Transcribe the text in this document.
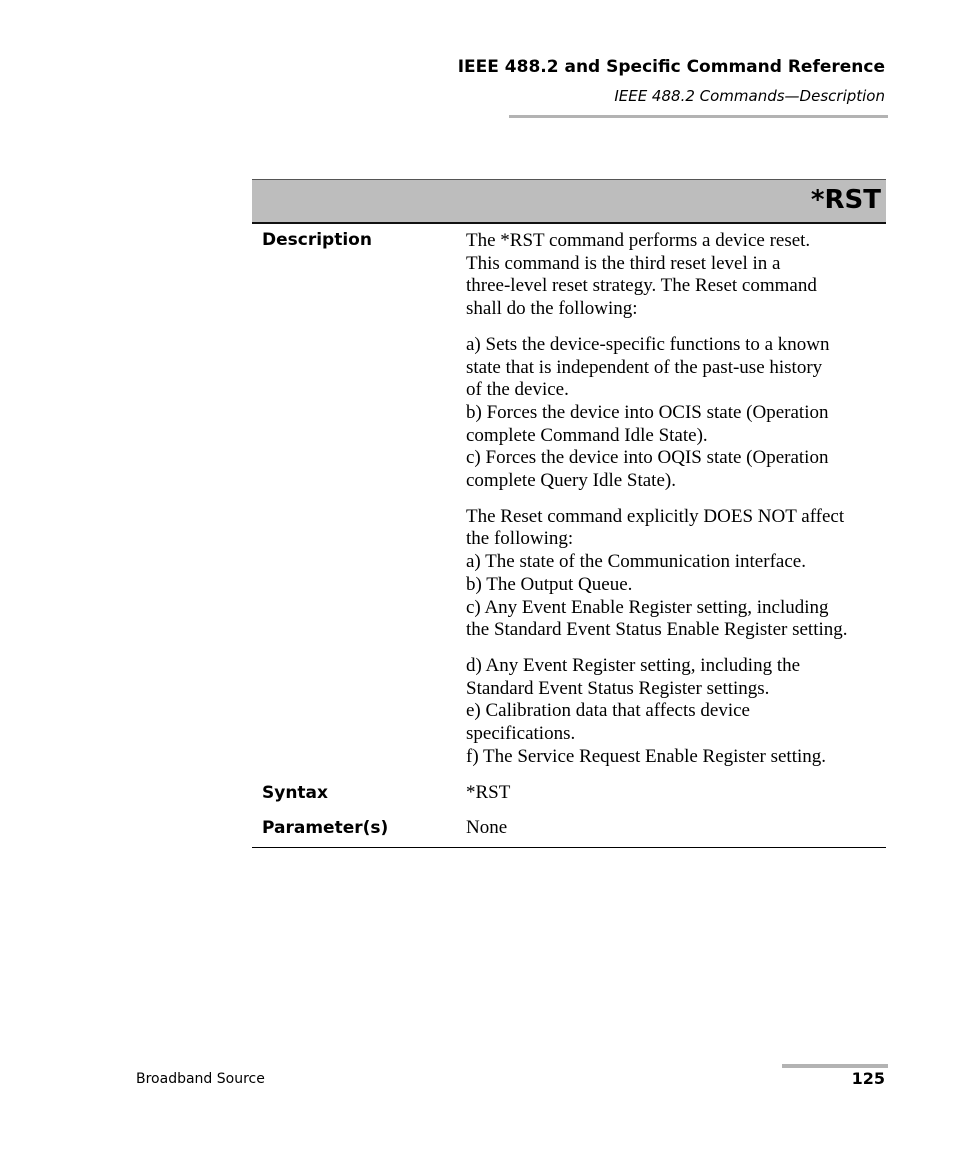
IEEE 488.2 and Specific Command Reference
IEEE 488.2 Commands—Description
*RST
Description	The *RST command performs a device reset.
This command is the third reset level in a
three-level reset strategy. The Reset command
shall do the following:

a) Sets the device-specific functions to a known
state that is independent of the past-use history
of the device.
b) Forces the device into OCIS state (Operation
complete Command Idle State).
c) Forces the device into OQIS state (Operation
complete Query Idle State).

The Reset command explicitly DOES NOT affect
the following:
a) The state of the Communication interface.
b) The Output Queue.
c) Any Event Enable Register setting, including
the Standard Event Status Enable Register setting.

d) Any Event Register setting, including the
Standard Event Status Register settings.
e) Calibration data that affects device
specifications.
f) The Service Request Enable Register setting.

Syntax	*RST
Parameter(s)	None
Broadband Source	125
